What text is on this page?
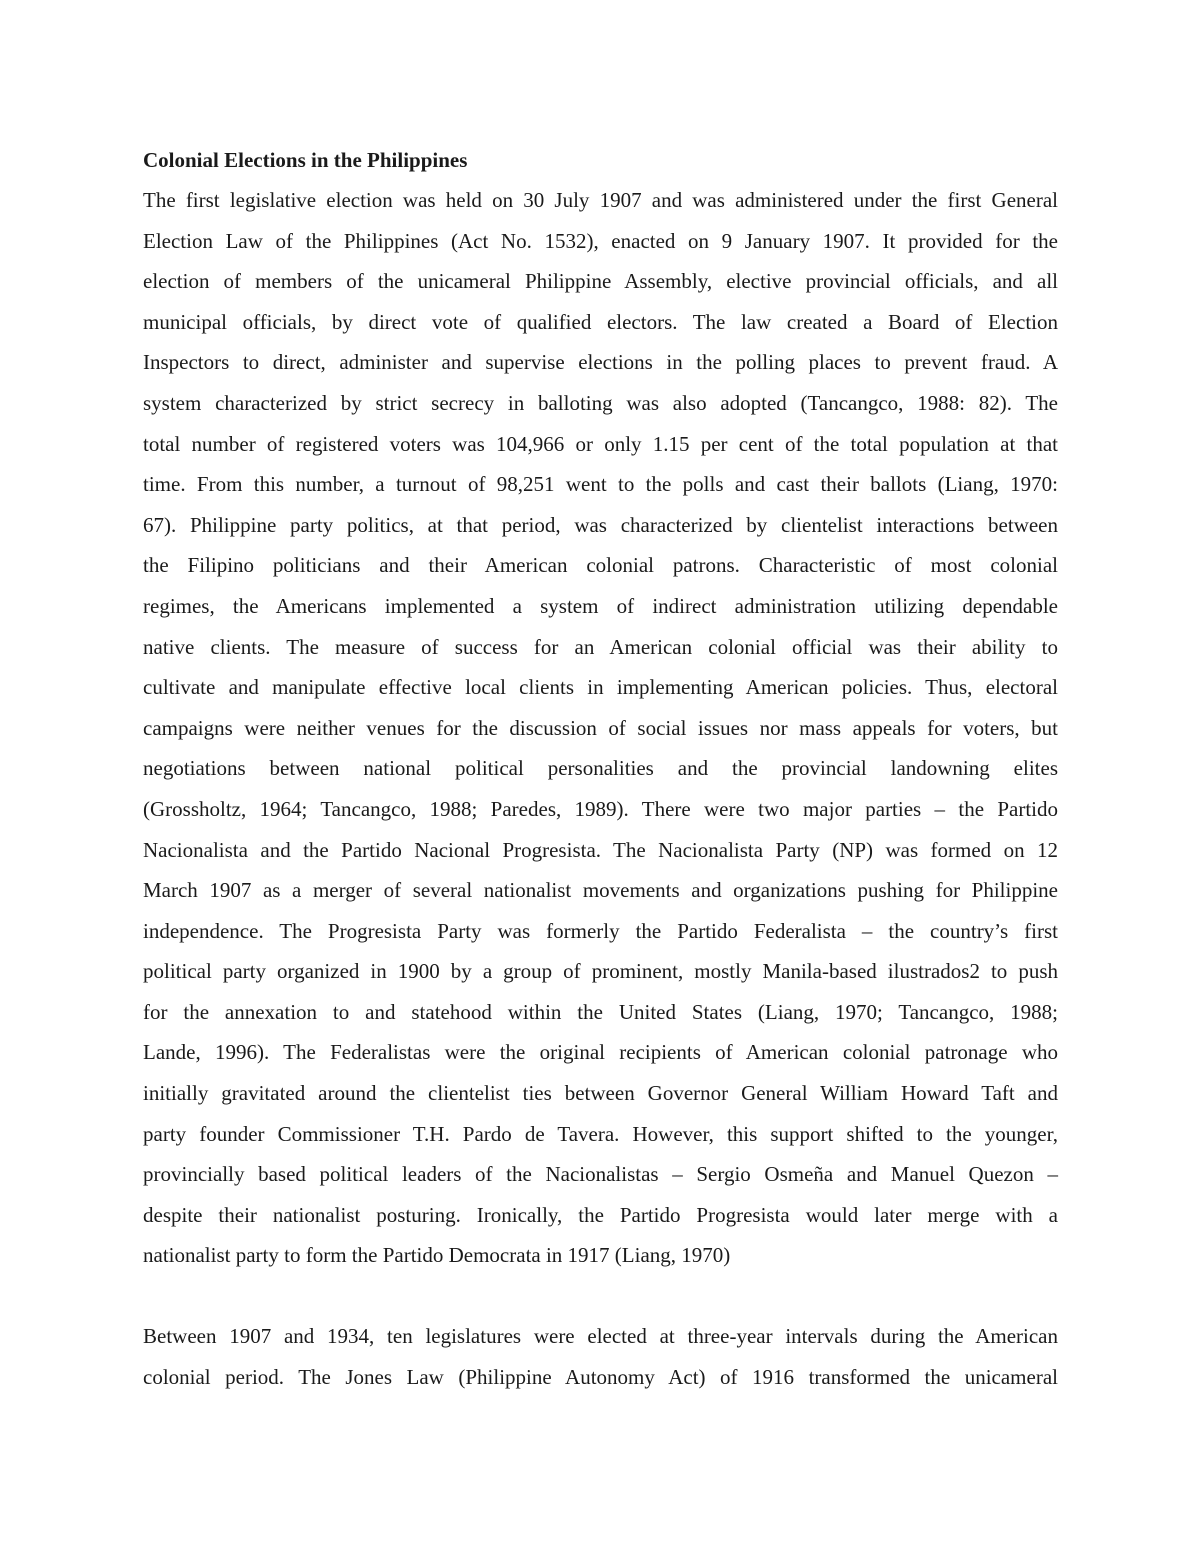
Colonial Elections in the Philippines

The first legislative election was held on 30 July 1907 and was administered under the first General
Election Law of the Philippines (Act No. 1532), enacted on 9 January 1907. It provided for the
election of members of the unicameral Philippine Assembly, elective provincial officials, and all
municipal officials, by direct vote of qualified electors. The law created a Board of Election
Inspectors to direct, administer and supervise elections in the polling places to prevent fraud. A
system characterized by strict secrecy in balloting was also adopted (Tancangco, 1988: 82). The
total number of registered voters was 104,966 or only 1.15 per cent of the total population at that
time. From this number, a turnout of 98,251 went to the polls and cast their ballots (Liang, 1970:
67). Philippine party politics, at that period, was characterized by clientelist interactions between
the Filipino politicians and their American colonial patrons. Characteristic of most colonial
regimes, the Americans implemented a system of indirect administration utilizing dependable
native clients. The measure of success for an American colonial official was their ability to
cultivate and manipulate effective local clients in implementing American policies. Thus, electoral
campaigns were neither venues for the discussion of social issues nor mass appeals for voters, but
negotiations between national political personalities and the provincial landowning elites
(Grossholtz, 1964; Tancangco, 1988; Paredes, 1989). There were two major parties – the Partido
Nacionalista and the Partido Nacional Progresista. The Nacionalista Party (NP) was formed on 12
March 1907 as a merger of several nationalist movements and organizations pushing for Philippine
independence. The Progresista Party was formerly the Partido Federalista – the country’s first
political party organized in 1900 by a group of prominent, mostly Manila-based ilustrados2 to push
for the annexation to and statehood within the United States (Liang, 1970; Tancangco, 1988;
Lande, 1996). The Federalistas were the original recipients of American colonial patronage who
initially gravitated around the clientelist ties between Governor General William Howard Taft and
party founder Commissioner T.H. Pardo de Tavera. However, this support shifted to the younger,
provincially based political leaders of the Nacionalistas – Sergio Osmeña and Manuel Quezon –
despite their nationalist posturing. Ironically, the Partido Progresista would later merge with a
nationalist party to form the Partido Democrata in 1917 (Liang, 1970)

Between 1907 and 1934, ten legislatures were elected at three-year intervals during the American
colonial period. The Jones Law (Philippine Autonomy Act) of 1916 transformed the unicameral
